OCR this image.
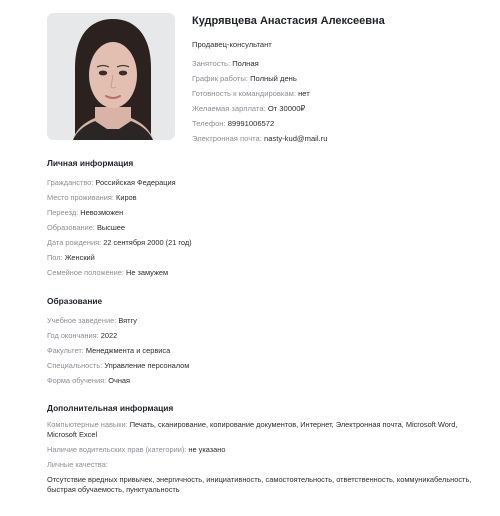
Кудрявцева Анастасия Алексеевна
Продавец-консультант
Занятость: Полная
График работы: Полный день
Готовность к командировкам: нет
Желаемая зарплата: От 30000₽
Телефон: 89991006572
Электронная почта: nasty-kud@mail.ru
Личная информация
Гражданство: Российская Федерация
Место проживания: Киров
Переезд: Невозможен
Образование: Высшее
Дата рождения: 22 сентября 2000 (21 год)
Пол: Женский
Семейное положение: Не замужем
Образование
Учебное заведение: Вятгу
Год окончания: 2022
Факультет: Менеджмента и сервиса
Специальность: Управление персоналом
Форма обучения: Очная
Дополнительная информация
Компьютерные навыки: Печать, сканирование, копирование документов, Интернет, Электронная почта, Microsoft Word, Microsoft Excel
Наличие водительских прав (категории): не указано
Личные качества:
Отсутствие вредных привычек, энергичность, инициативность, самостоятельность, ответственность, коммуникабельность, быстрая обучаемость, пунктуальность
